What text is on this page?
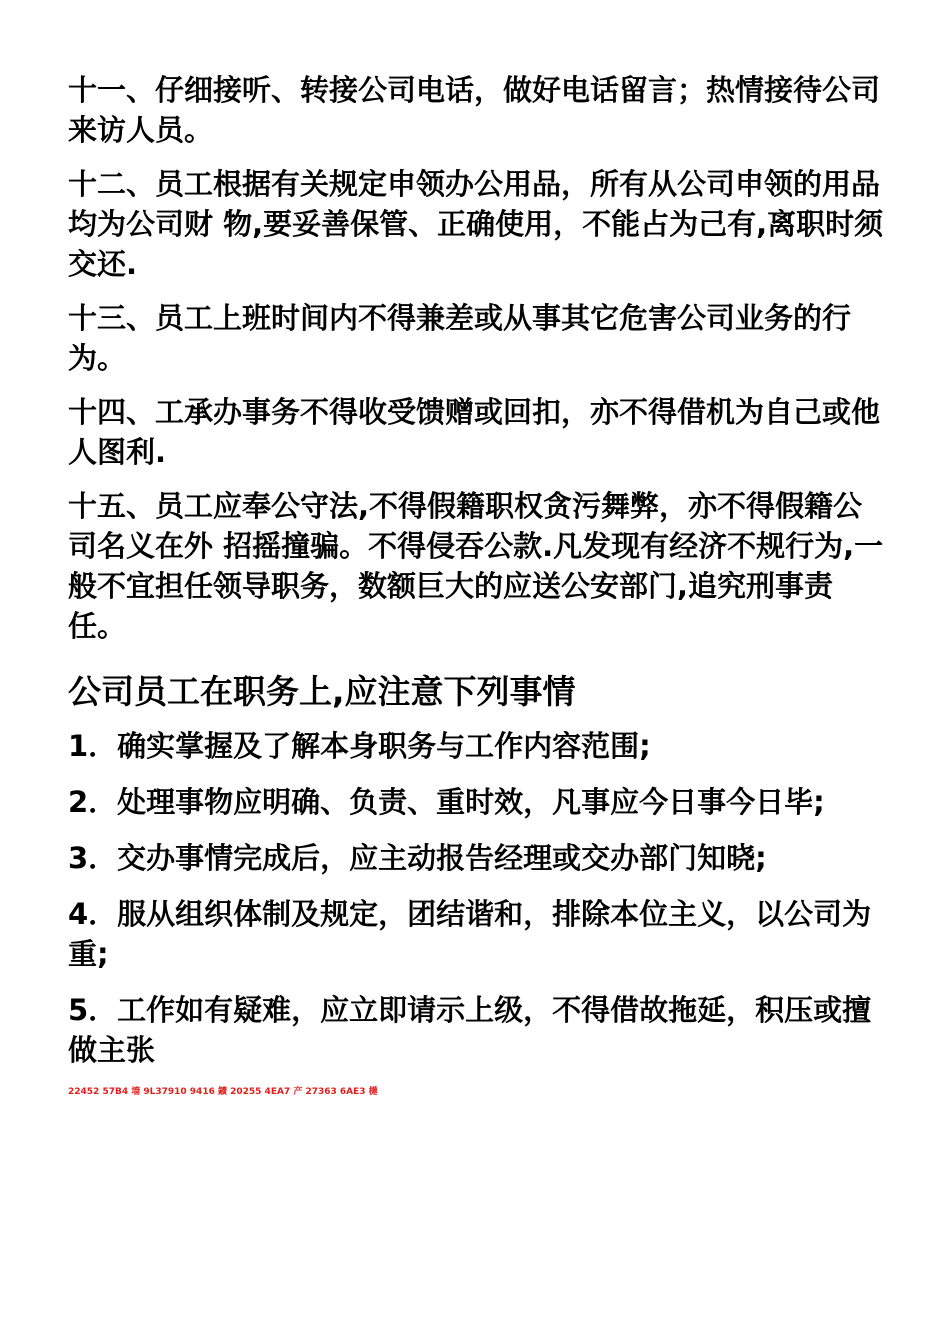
十一、仔细接听、转接公司电话，做好电话留言；热情接待公司来访人员。

十二、员工根据有关规定申领办公用品，所有从公司申领的用品均为公司财 物,要妥善保管、正确使用，不能占为己有,离职时须交还.

十三、员工上班时间内不得兼差或从事其它危害公司业务的行为。

十四、工承办事务不得收受馈赠或回扣，亦不得借机为自己或他人图利.

十五、员工应奉公守法,不得假籍职权贪污舞弊，亦不得假籍公司名义在外 招摇撞骗。不得侵吞公款.凡发现有经济不规行为,一般不宜担任领导职务，数额巨大的应送公安部门,追究刑事责任。

公司员工在职务上,应注意下列事情

1．确实掌握及了解本身职务与工作内容范围;

2．处理事物应明确、负责、重时效，凡事应今日事今日毕;

3．交办事情完成后，应主动报告经理或交办部门知晓;

4．服从组织体制及规定，团结谐和，排除本位主义，以公司为重;

5．工作如有疑难，应立即请示上级，不得借故拖延，积压或擅做主张

22452 57B4 墙 9L37910 9416 鑛 20255 4EA7 产 27363 6AE3 櫣
